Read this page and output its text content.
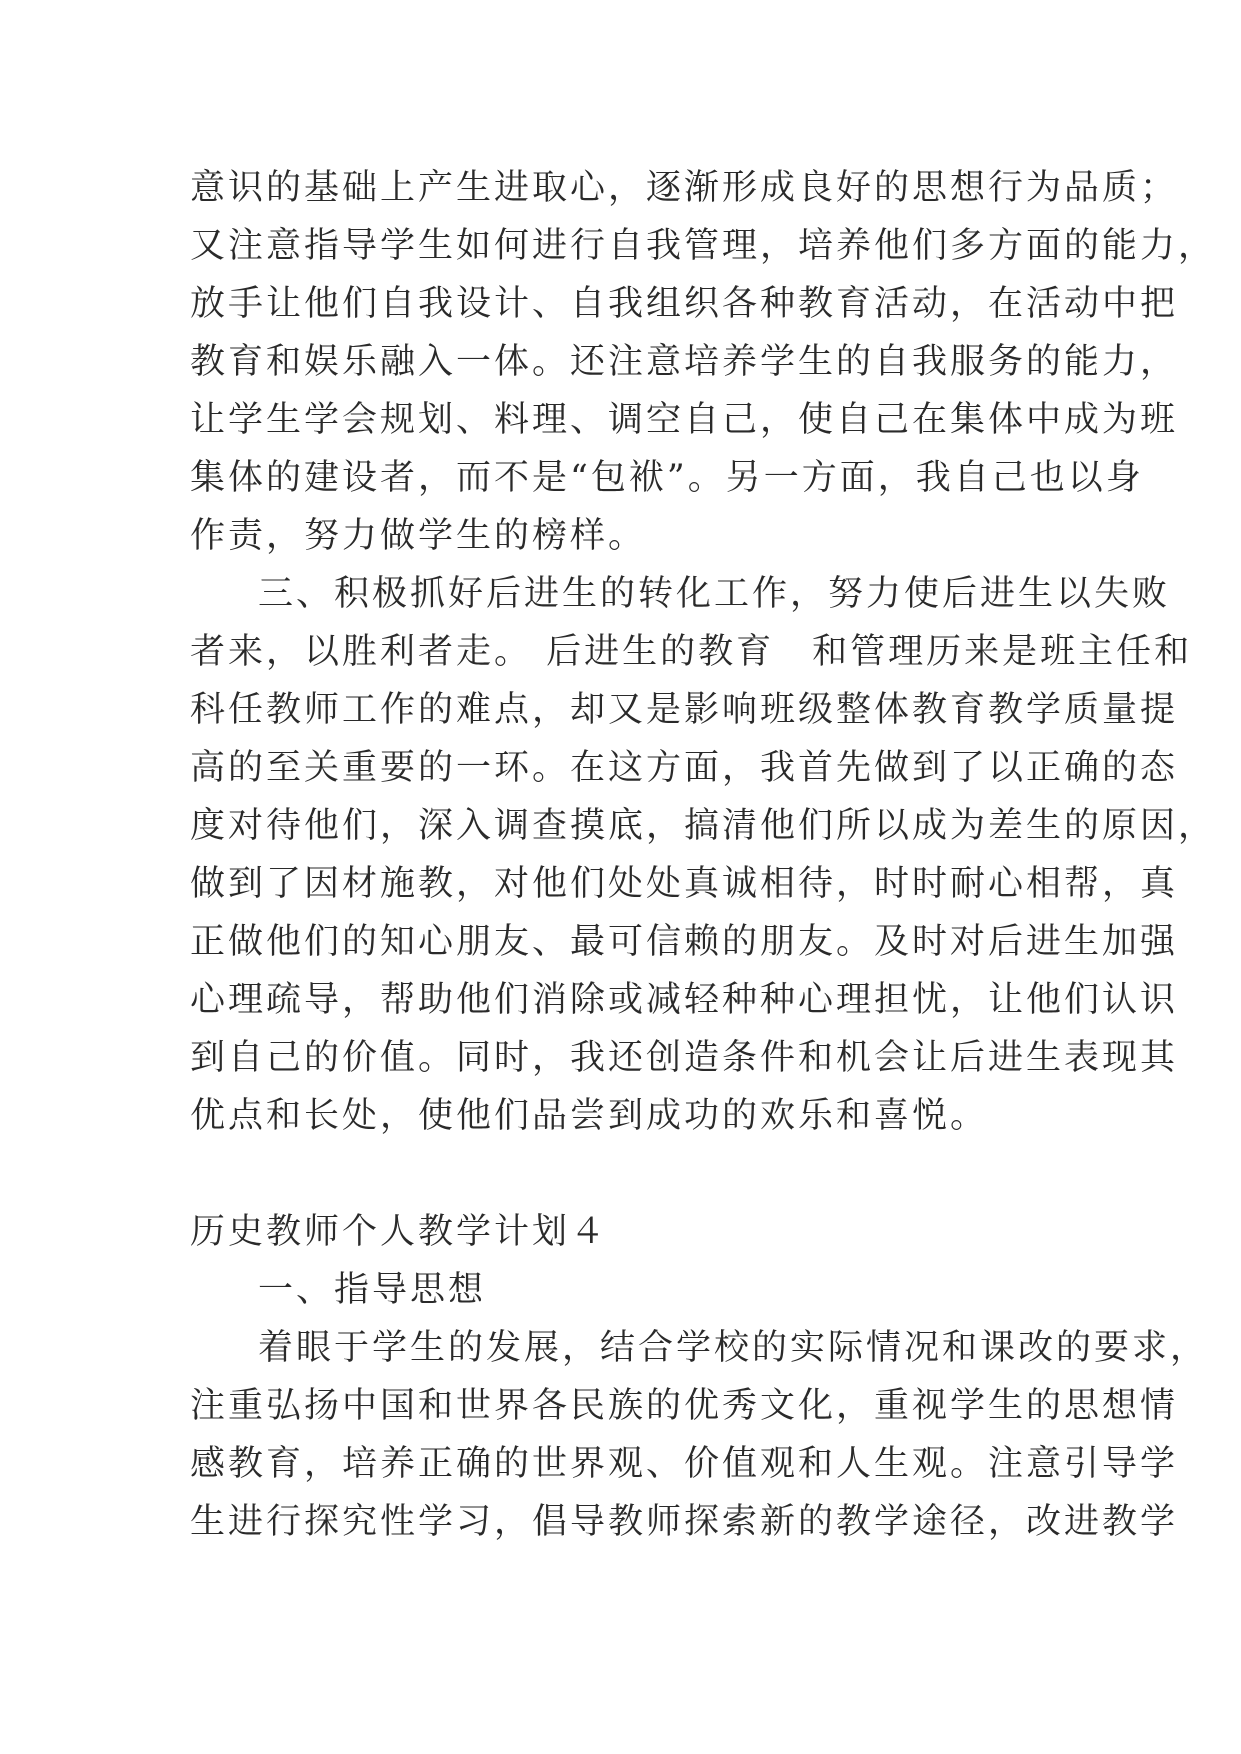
意识的基础上产生进取心，逐渐形成良好的思想行为品质；
又注意指导学生如何进行自我管理，培养他们多方面的能力，
放手让他们自我设计、自我组织各种教育活动，在活动中把
教育和娱乐融入一体。还注意培养学生的自我服务的能力，
让学生学会规划、料理、调空自己，使自己在集体中成为班
集体的建设者，而不是“包袱”。另一方面，我自己也以身
作责，努力做学生的榜样。
三、积极抓好后进生的转化工作，努力使后进生以失败
者来，以胜利者走。 后进生的教育　和管理历来是班主任和
科任教师工作的难点，却又是影响班级整体教育教学质量提
高的至关重要的一环。在这方面，我首先做到了以正确的态
度对待他们，深入调查摸底，搞清他们所以成为差生的原因，
做到了因材施教，对他们处处真诚相待，时时耐心相帮，真
正做他们的知心朋友、最可信赖的朋友。及时对后进生加强
心理疏导，帮助他们消除或减轻种种心理担忧，让他们认识
到自己的价值。同时，我还创造条件和机会让后进生表现其
优点和长处，使他们品尝到成功的欢乐和喜悦。
历史教师个人教学计划４
一、指导思想
着眼于学生的发展，结合学校的实际情况和课改的要求，
注重弘扬中国和世界各民族的优秀文化，重视学生的思想情
感教育，培养正确的世界观、价值观和人生观。注意引导学
生进行探究性学习，倡导教师探索新的教学途径，改进教学
